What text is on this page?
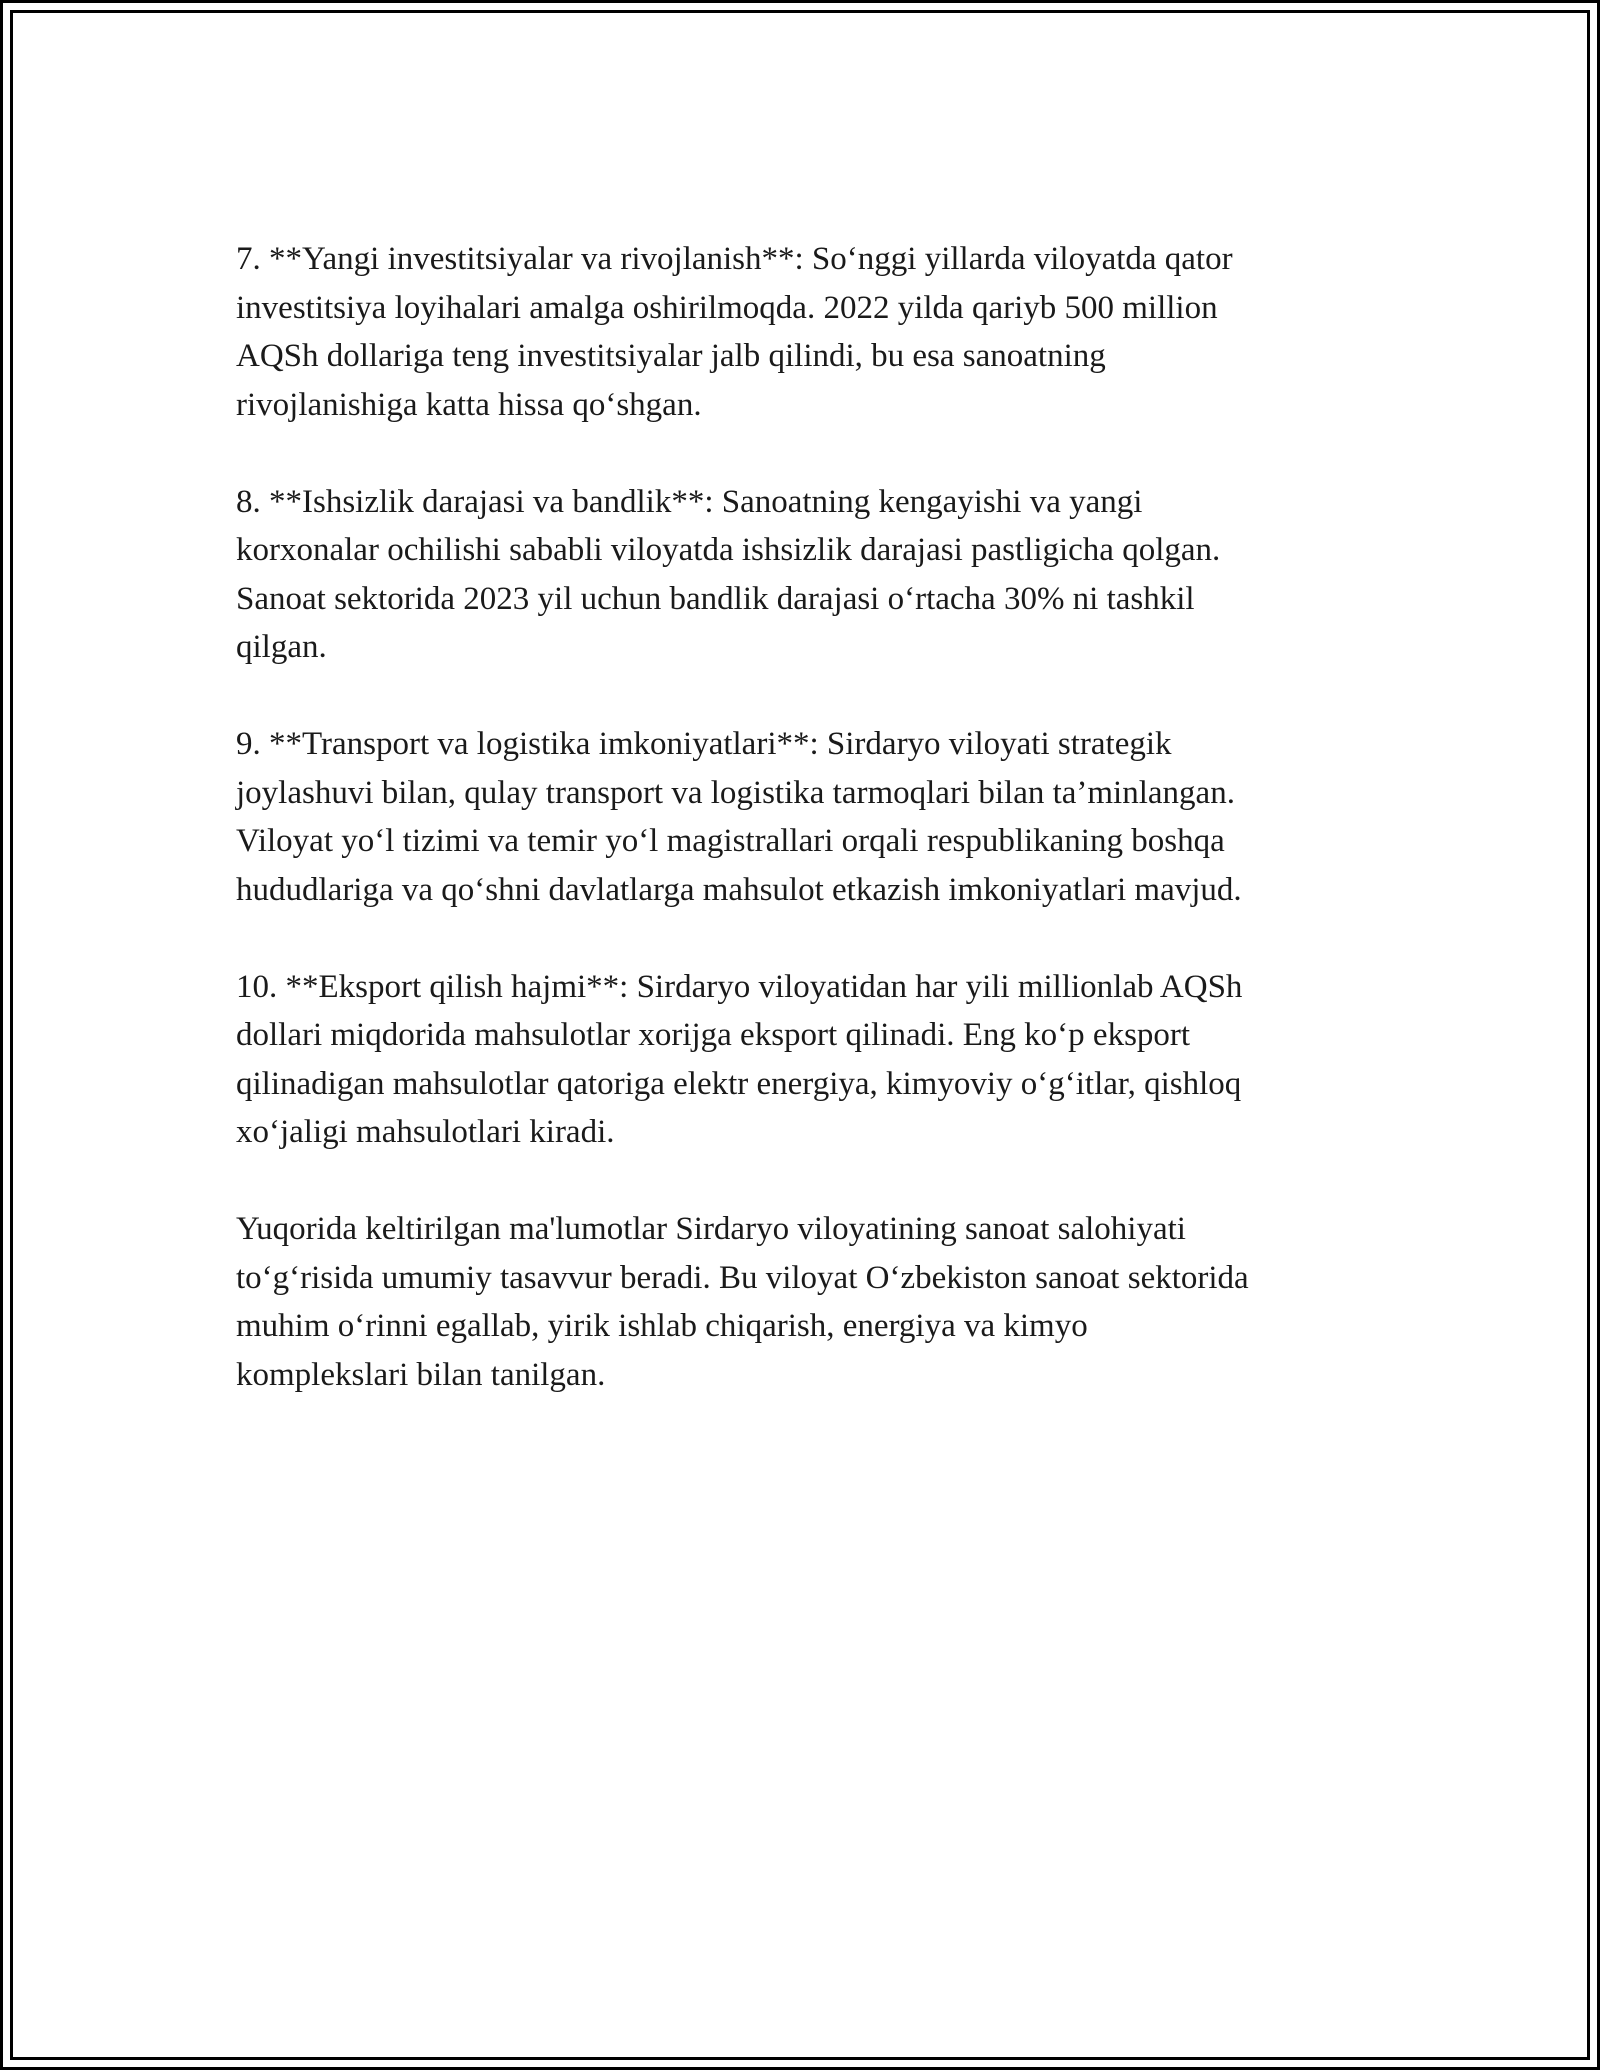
7. **Yangi investitsiyalar va rivojlanish**: So‘nggi yillarda viloyatda qator
investitsiya loyihalari amalga oshirilmoqda. 2022 yilda qariyb 500 million
AQSh dollariga teng investitsiyalar jalb qilindi, bu esa sanoatning
rivojlanishiga katta hissa qo‘shgan.

8. **Ishsizlik darajasi va bandlik**: Sanoatning kengayishi va yangi
korxonalar ochilishi sababli viloyatda ishsizlik darajasi pastligicha qolgan.
Sanoat sektorida 2023 yil uchun bandlik darajasi o‘rtacha 30% ni tashkil
qilgan.

9. **Transport va logistika imkoniyatlari**: Sirdaryo viloyati strategik
joylashuvi bilan, qulay transport va logistika tarmoqlari bilan ta’minlangan.
Viloyat yo‘l tizimi va temir yo‘l magistrallari orqali respublikaning boshqa
hududlariga va qo‘shni davlatlarga mahsulot etkazish imkoniyatlari mavjud.

10. **Eksport qilish hajmi**: Sirdaryo viloyatidan har yili millionlab AQSh
dollari miqdorida mahsulotlar xorijga eksport qilinadi. Eng ko‘p eksport
qilinadigan mahsulotlar qatoriga elektr energiya, kimyoviy o‘g‘itlar, qishloq
xo‘jaligi mahsulotlari kiradi.

Yuqorida keltirilgan ma'lumotlar Sirdaryo viloyatining sanoat salohiyati
to‘g‘risida umumiy tasavvur beradi. Bu viloyat O‘zbekiston sanoat sektorida
muhim o‘rinni egallab, yirik ishlab chiqarish, energiya va kimyo
komplekslari bilan tanilgan.
